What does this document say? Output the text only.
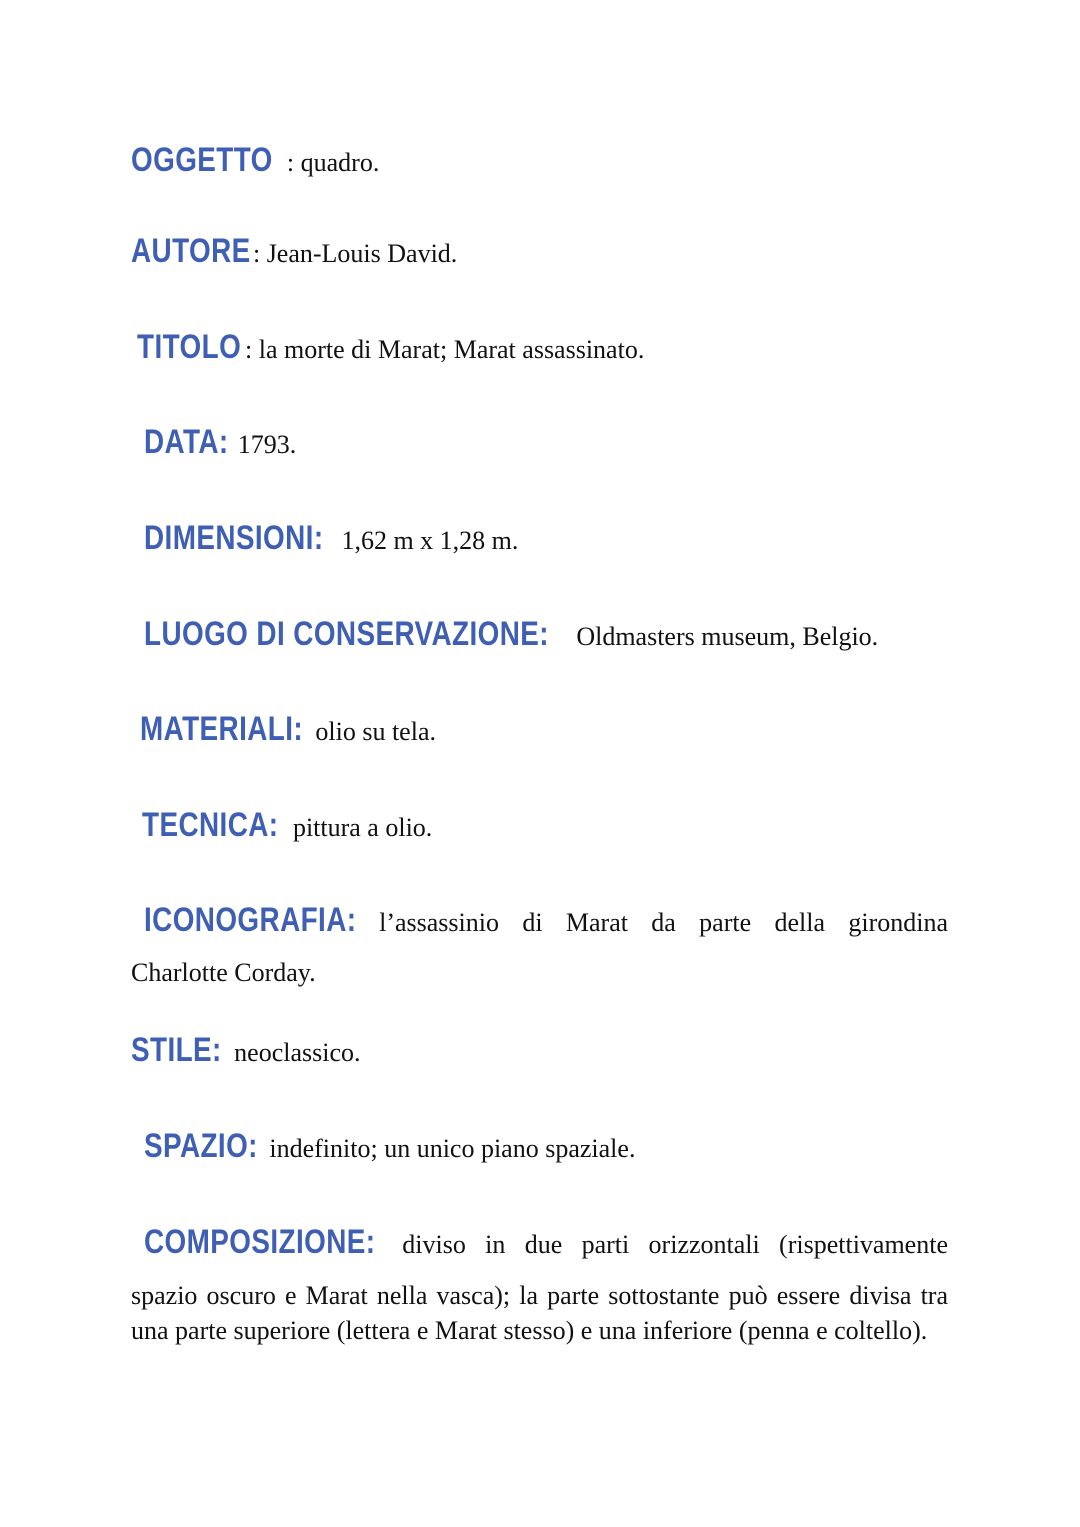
OGGETTO : quadro.
AUTORE : Jean-Louis David.
TITOLO : la morte di Marat; Marat assassinato.
DATA: 1793.
DIMENSIONI: 1,62 m x 1,28 m.
LUOGO DI CONSERVAZIONE: Oldmasters museum, Belgio.
MATERIALI: olio su tela.
TECNICA: pittura a olio.
ICONOGRAFIA: l’assassinio di Marat da parte della girondina
Charlotte Corday.
STILE: neoclassico.
SPAZIO: indefinito; un unico piano spaziale.
COMPOSIZIONE: diviso in due parti orizzontali (rispettivamente
spazio oscuro e Marat nella vasca); la parte sottostante può essere divisa tra una parte superiore (lettera e Marat stesso) e una inferiore (penna e coltello).
